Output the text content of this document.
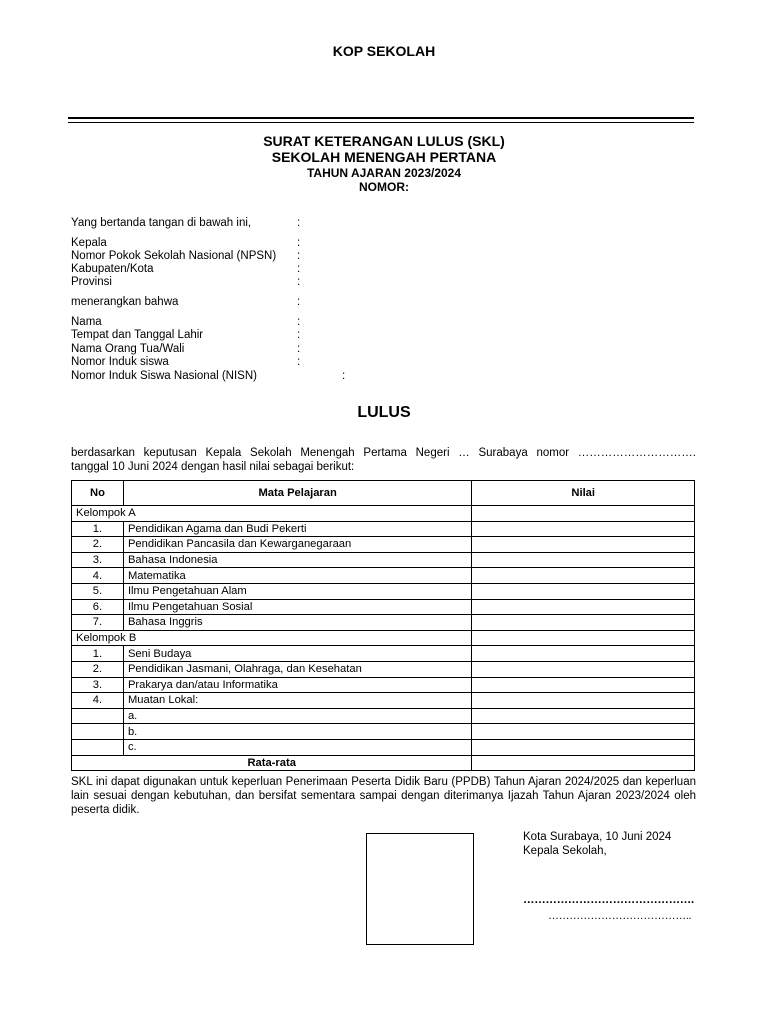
KOP SEKOLAH
SURAT KETERANGAN LULUS (SKL)
SEKOLAH MENENGAH PERTANA
TAHUN AJARAN 2023/2024
NOMOR:
Yang bertanda tangan di bawah ini,	:
Kepala	:
Nomor Pokok Sekolah Nasional (NPSN) :
Kabupaten/Kota	:
Provinsi	:
menerangkan bahwa	:
Nama	:
Tempat dan Tanggal Lahir	:
Nama Orang Tua/Wali	:
Nomor Induk siswa	:
Nomor Induk Siswa Nasional (NISN)	:
LULUS
berdasarkan keputusan Kepala Sekolah Menengah Pertama Negeri … Surabaya nomor ………………………….
tanggal 10 Juni 2024 dengan hasil nilai sebagai berikut:
No	Mata Pelajaran	Nilai
Kelompok A		
1.	Pendidikan Agama dan Budi Pekerti	
2.	Pendidikan Pancasila dan Kewarganegaraan	
3.	Bahasa Indonesia	
4.	Matematika	
5.	Ilmu Pengetahuan Alam	
6.	Ilmu Pengetahuan Sosial	
7.	Bahasa Inggris	
Kelompok B		
1.	Seni Budaya	
2.	Pendidikan Jasmani, Olahraga, dan Kesehatan	
3.	Prakarya dan/atau Informatika	
4.	Muatan Lokal:	
	a.	
	b.	
	c.	
Rata-rata		
SKL ini dapat digunakan untuk keperluan Penerimaan Peserta Didik Baru (PPDB) Tahun Ajaran 2024/2025 dan keperluan
lain sesuai dengan kebutuhan, dan bersifat sementara sampai dengan diterimanya Ijazah Tahun Ajaran 2023/2024 oleh
peserta didik.
Kota Surabaya, 10 Juni 2024
Kepala Sekolah,
……………………………………….
…………………………………..
